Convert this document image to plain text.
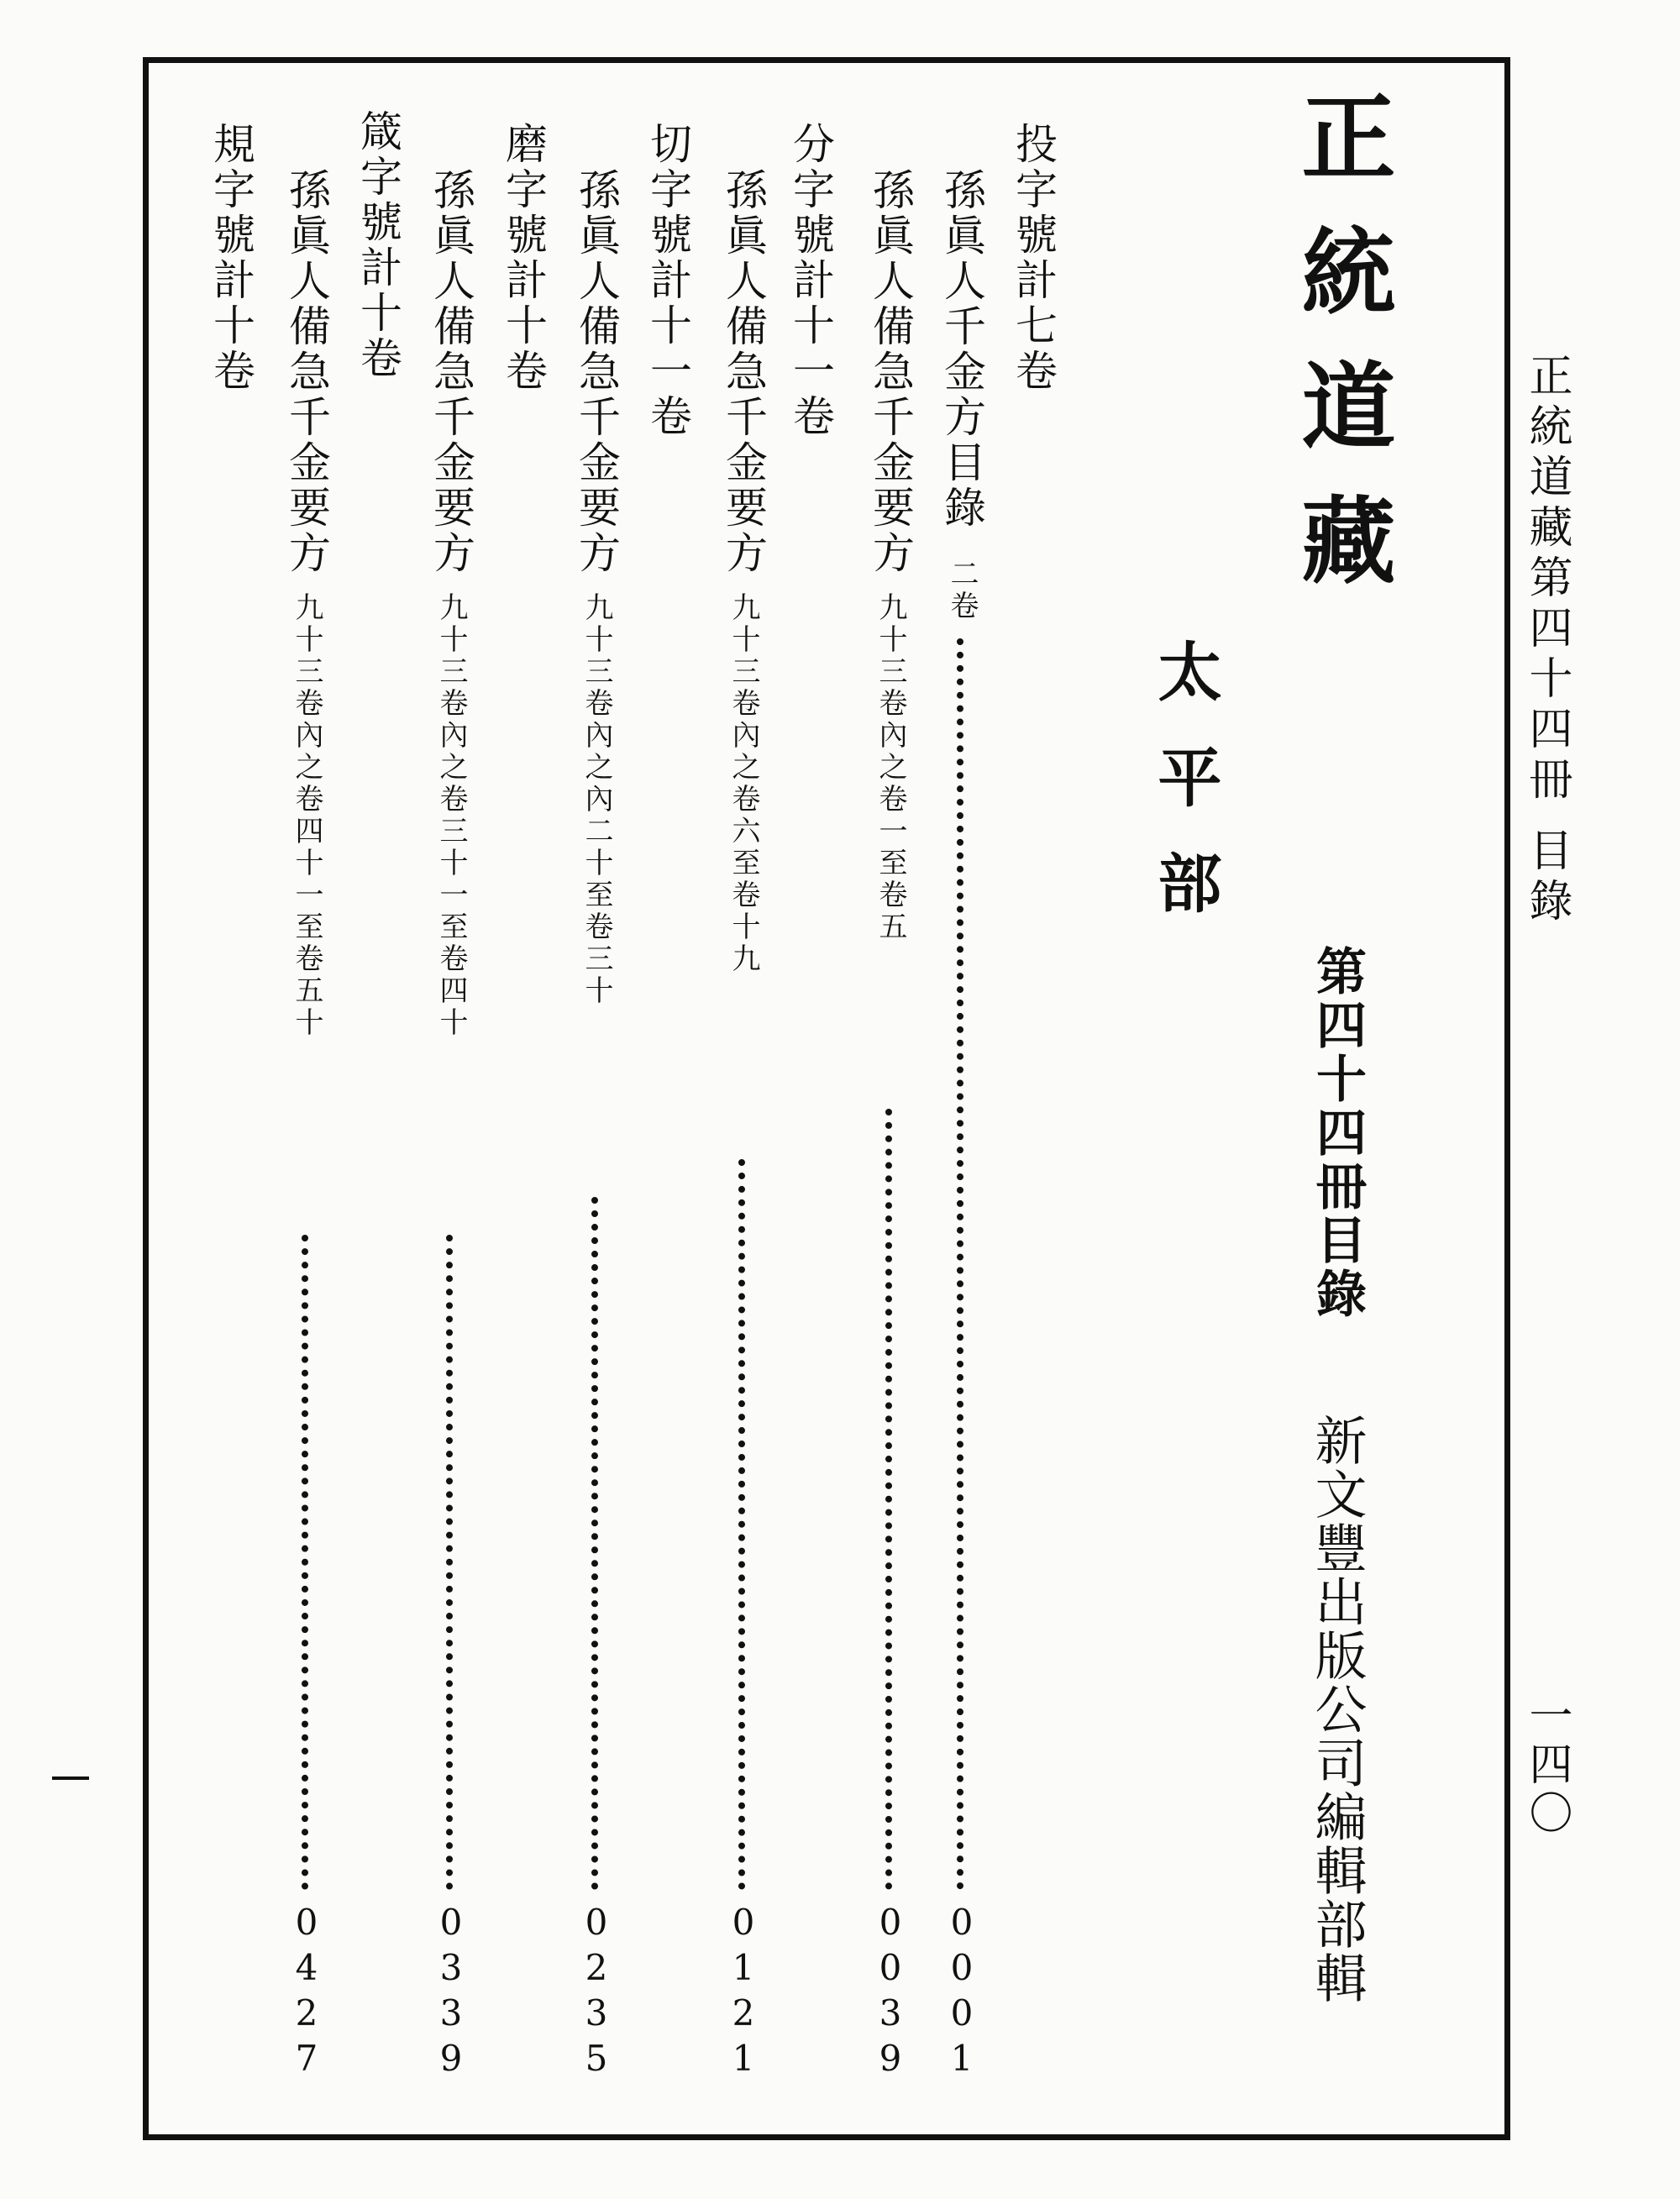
正統道藏第四十四冊
目錄
一四〇
正統道藏
第四十四冊目錄
新文豐出版公司編輯部輯
太平部
投字號計七卷
孫眞人千金方目錄
二卷
0
0
0
1
孫眞人備急千金要方
九十三卷內之卷一至卷五
0
0
3
9
分字號計十一卷
孫眞人備急千金要方
九十三卷內之卷六至卷十九
0
1
2
1
切字號計十一卷
孫眞人備急千金要方
九十三卷內之內二十至卷三十
0
2
3
5
磨字號計十卷
孫眞人備急千金要方
九十三卷內之卷三十一至卷四十
0
3
3
9
箴字號計十卷
孫眞人備急千金要方
九十三卷內之卷四十一至卷五十
0
4
2
7
規字號計十卷
